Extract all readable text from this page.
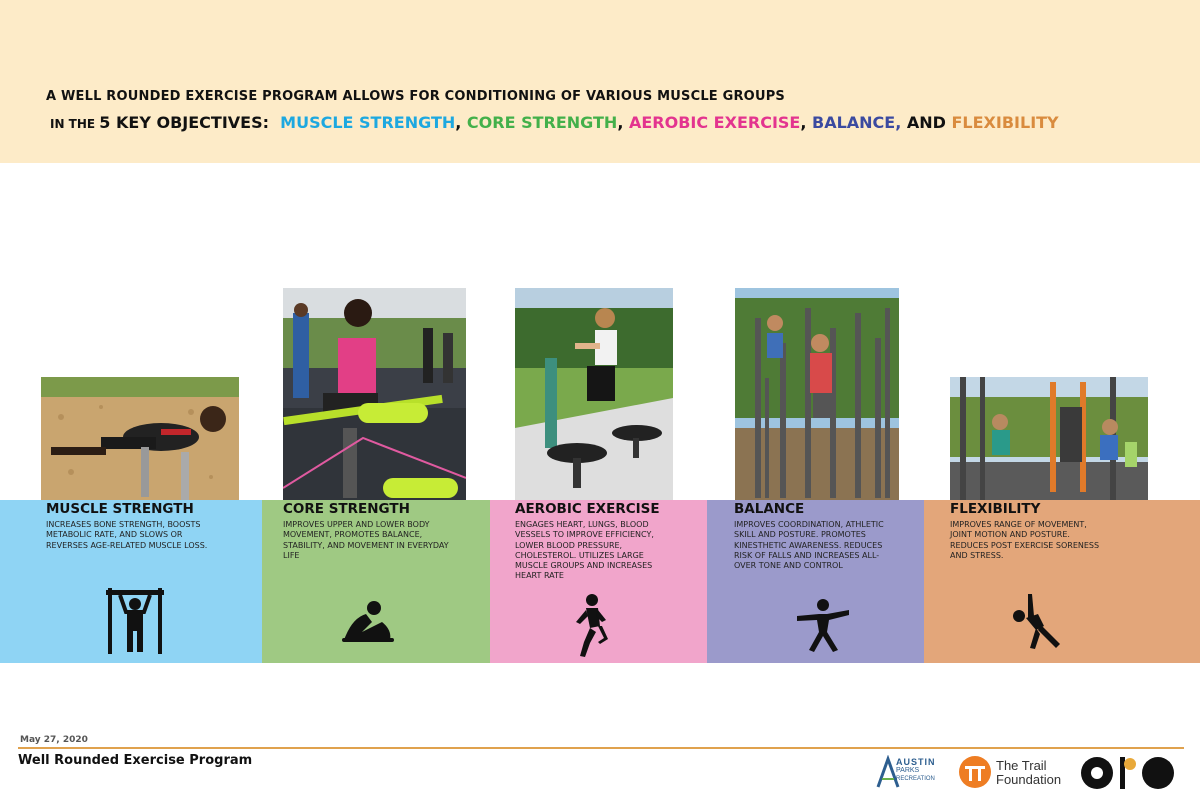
A WELL ROUNDED EXERCISE PROGRAM ALLOWS FOR CONDITIONING OF VARIOUS MUSCLE GROUPS
IN THE 5 KEY OBJECTIVES: MUSCLE STRENGTH, CORE STRENGTH, AEROBIC EXERCISE, BALANCE, AND FLEXIBILITY
MUSCLE STRENGTH
INCREASES BONE STRENGTH, BOOSTS
METABOLIC RATE, AND SLOWS OR
REVERSES AGE-RELATED MUSCLE LOSS.
CORE STRENGTH
IMPROVES UPPER AND LOWER BODY
MOVEMENT, PROMOTES BALANCE,
STABILITY, AND MOVEMENT IN EVERYDAY
LIFE
AEROBIC EXERCISE
ENGAGES HEART, LUNGS, BLOOD
VESSELS TO IMPROVE EFFICIENCY,
LOWER BLOOD PRESSURE,
CHOLESTEROL. UTILIZES LARGE
MUSCLE GROUPS AND INCREASES
HEART RATE
BALANCE
IMPROVES COORDINATION, ATHLETIC
SKILL AND POSTURE. PROMOTES
KINESTHETIC AWARENESS. REDUCES
RISK OF FALLS AND INCREASES ALL-
OVER TONE AND CONTROL
FLEXIBILITY
IMPROVES RANGE OF MOVEMENT,
JOINT MOTION AND POSTURE.
REDUCES POST EXERCISE SORENESS
AND STRESS.
May 27, 2020
Well Rounded Exercise Program	AUSTIN
PARKS
RECREATION
The Trail
Foundation
